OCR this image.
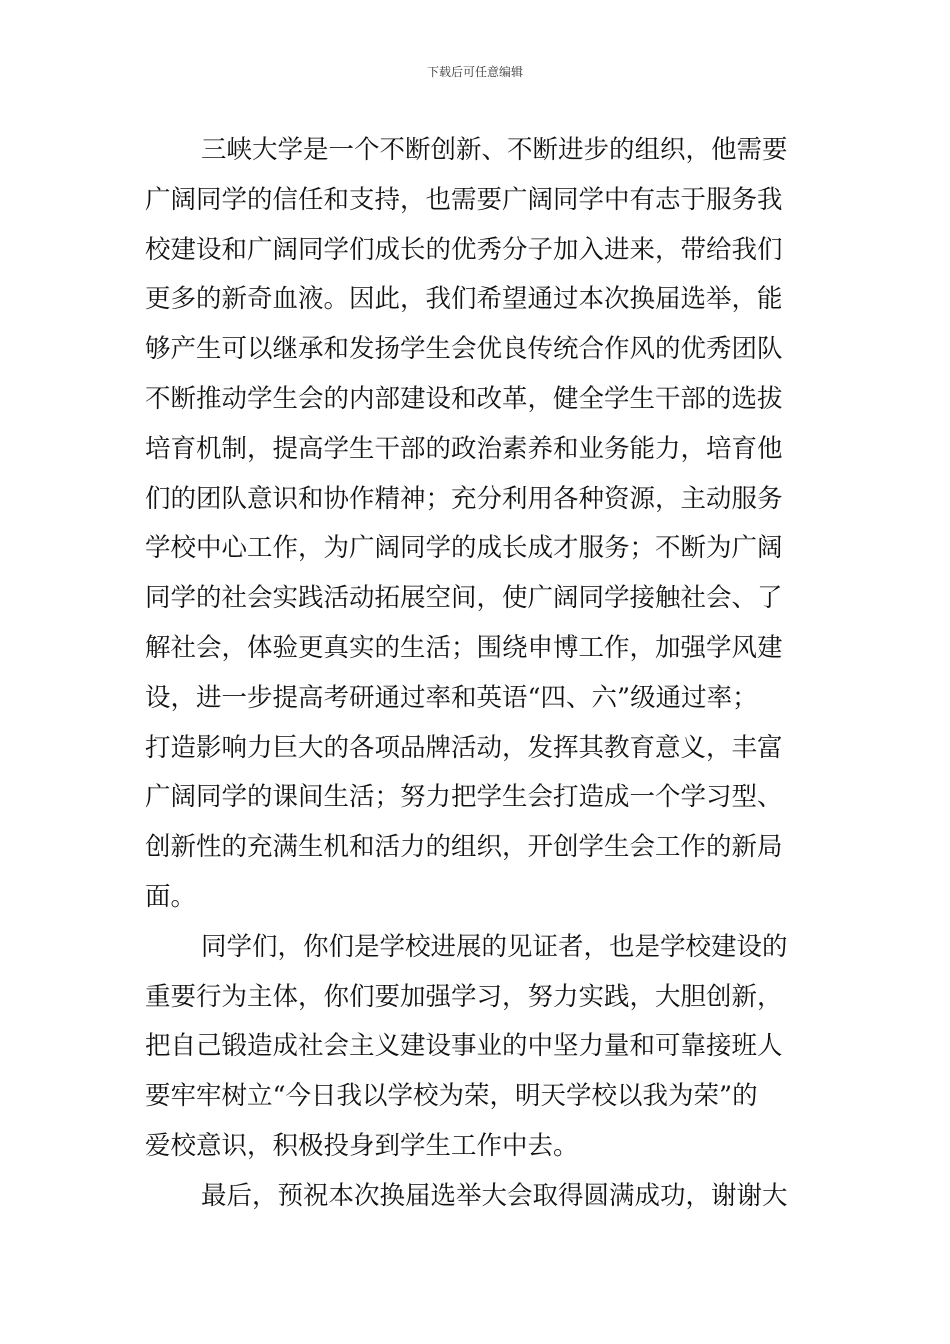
下载后可任意编辑
三峡大学是一个不断创新、不断进步的组织，他需要
广阔同学的信任和支持，也需要广阔同学中有志于服务我
校建设和广阔同学们成长的优秀分子加入进来，带给我们
更多的新奇血液。因此，我们希望通过本次换届选举，能
够产生可以继承和发扬学生会优良传统合作风的优秀团队
不断推动学生会的内部建设和改革，健全学生干部的选拔
培育机制，提高学生干部的政治素养和业务能力，培育他
们的团队意识和协作精神；充分利用各种资源，主动服务
学校中心工作，为广阔同学的成长成才服务；不断为广阔
同学的社会实践活动拓展空间，使广阔同学接触社会、了
解社会，体验更真实的生活；围绕申博工作，加强学风建
设，进一步提高考研通过率和英语“四、六”级通过率；
打造影响力巨大的各项品牌活动，发挥其教育意义，丰富
广阔同学的课间生活；努力把学生会打造成一个学习型、
创新性的充满生机和活力的组织，开创学生会工作的新局
面。
同学们，你们是学校进展的见证者，也是学校建设的
重要行为主体，你们要加强学习，努力实践，大胆创新，
把自己锻造成社会主义建设事业的中坚力量和可靠接班人
要牢牢树立“今日我以学校为荣，明天学校以我为荣”的
爱校意识，积极投身到学生工作中去。
最后，预祝本次换届选举大会取得圆满成功，谢谢大
